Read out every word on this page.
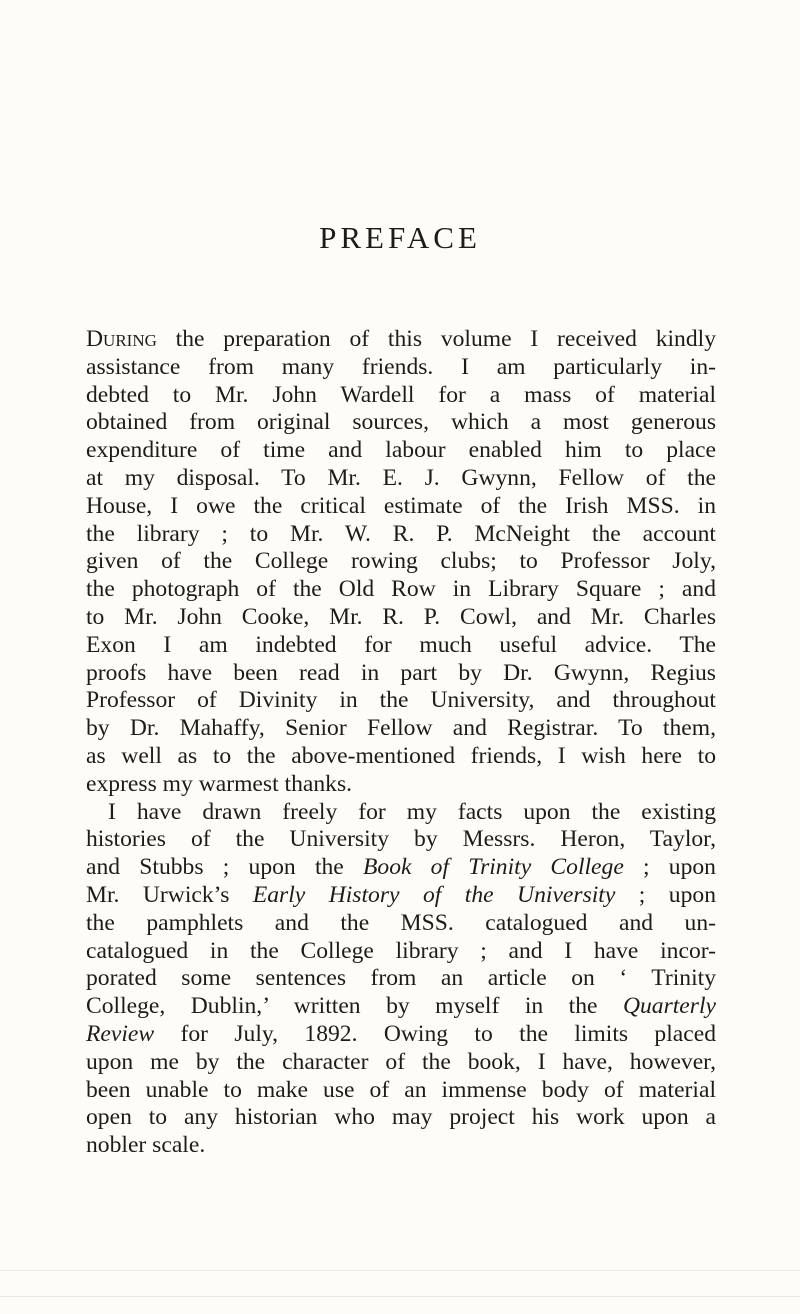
PREFACE
During the preparation of this volume I received kindly
assistance from many friends. I am particularly in-
debted to Mr. John Wardell for a mass of material
obtained from original sources, which a most generous
expenditure of time and labour enabled him to place
at my disposal. To Mr. E. J. Gwynn, Fellow of the
House, I owe the critical estimate of the Irish MSS. in
the library ; to Mr. W. R. P. McNeight the account
given of the College rowing clubs; to Professor Joly,
the photograph of the Old Row in Library Square ; and
to Mr. John Cooke, Mr. R. P. Cowl, and Mr. Charles
Exon I am indebted for much useful advice. The
proofs have been read in part by Dr. Gwynn, Regius
Professor of Divinity in the University, and throughout
by Dr. Mahaffy, Senior Fellow and Registrar. To them,
as well as to the above-mentioned friends, I wish here to
express my warmest thanks.
I have drawn freely for my facts upon the existing
histories of the University by Messrs. Heron, Taylor,
and Stubbs ; upon the Book of Trinity College ; upon
Mr. Urwick’s Early History of the University ; upon
the pamphlets and the MSS. catalogued and un-
catalogued in the College library ; and I have incor-
porated some sentences from an article on ‘ Trinity
College, Dublin,’ written by myself in the Quarterly
Review for July, 1892. Owing to the limits placed
upon me by the character of the book, I have, however,
been unable to make use of an immense body of material
open to any historian who may project his work upon a
nobler scale.
